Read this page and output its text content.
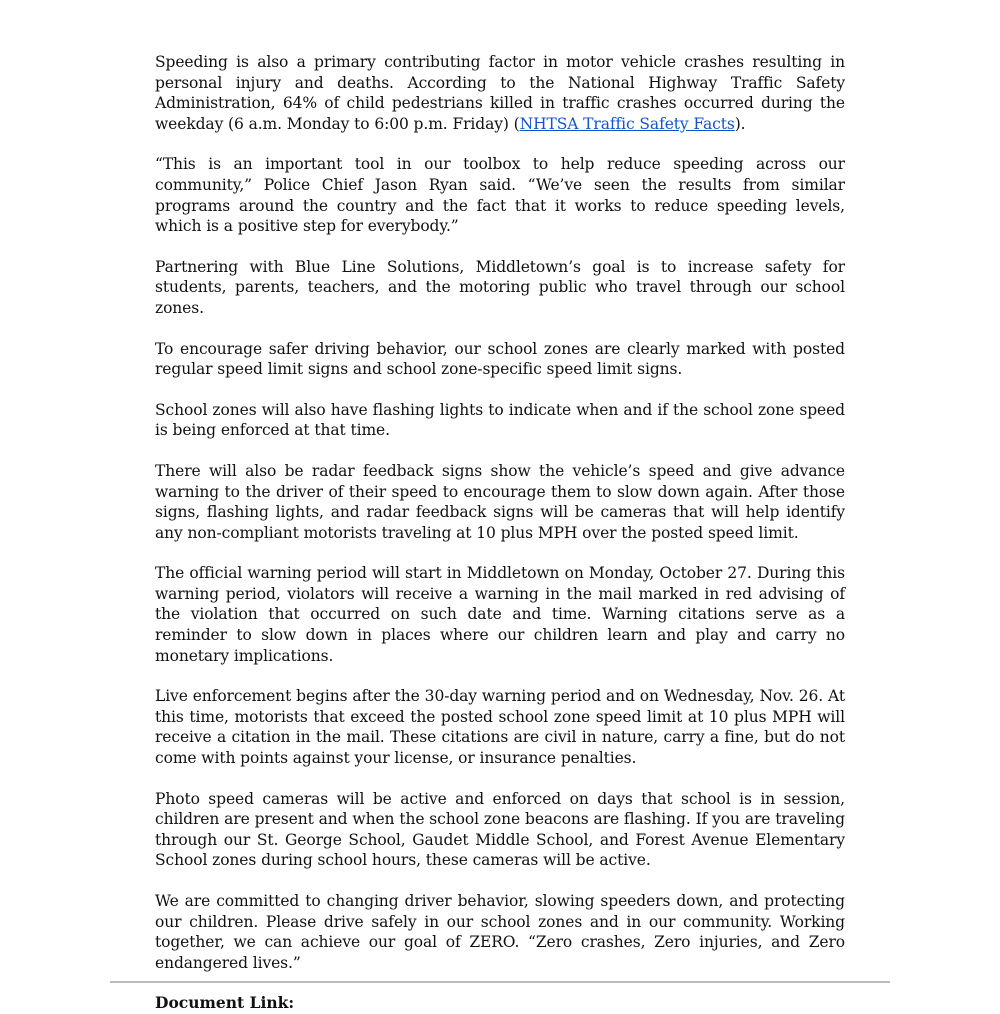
Speeding is also a primary contributing factor in motor vehicle crashes resulting in personal injury and deaths. According to the National Highway Traffic Safety Administration, 64% of child pedestrians killed in traffic crashes occurred during the weekday (6 a.m. Monday to 6:00 p.m. Friday) (NHTSA Traffic Safety Facts).

“This is an important tool in our toolbox to help reduce speeding across our community,” Police Chief Jason Ryan said. “We’ve seen the results from similar programs around the country and the fact that it works to reduce speeding levels, which is a positive step for everybody.”

Partnering with Blue Line Solutions, Middletown’s goal is to increase safety for students, parents, teachers, and the motoring public who travel through our school zones.

To encourage safer driving behavior, our school zones are clearly marked with posted regular speed limit signs and school zone-specific speed limit signs.

School zones will also have flashing lights to indicate when and if the school zone speed is being enforced at that time.

There will also be radar feedback signs show the vehicle’s speed and give advance warning to the driver of their speed to encourage them to slow down again. After those signs, flashing lights, and radar feedback signs will be cameras that will help identify any non-compliant motorists traveling at 10 plus MPH over the posted speed limit.

The official warning period will start in Middletown on Monday, October 27. During this warning period, violators will receive a warning in the mail marked in red advising of the violation that occurred on such date and time. Warning citations serve as a reminder to slow down in places where our children learn and play and carry no monetary implications.

Live enforcement begins after the 30-day warning period and on Wednesday, Nov. 26. At this time, motorists that exceed the posted school zone speed limit at 10 plus MPH will receive a citation in the mail. These citations are civil in nature, carry a fine, but do not come with points against your license, or insurance penalties.

Photo speed cameras will be active and enforced on days that school is in session, children are present and when the school zone beacons are flashing. If you are traveling through our St. George School, Gaudet Middle School, and Forest Avenue Elementary School zones during school hours, these cameras will be active.

We are committed to changing driver behavior, slowing speeders down, and protecting our children. Please drive safely in our school zones and in our community. Working together, we can achieve our goal of ZERO. “Zero crashes, Zero injuries, and Zero endangered lives.”

Document Link:
